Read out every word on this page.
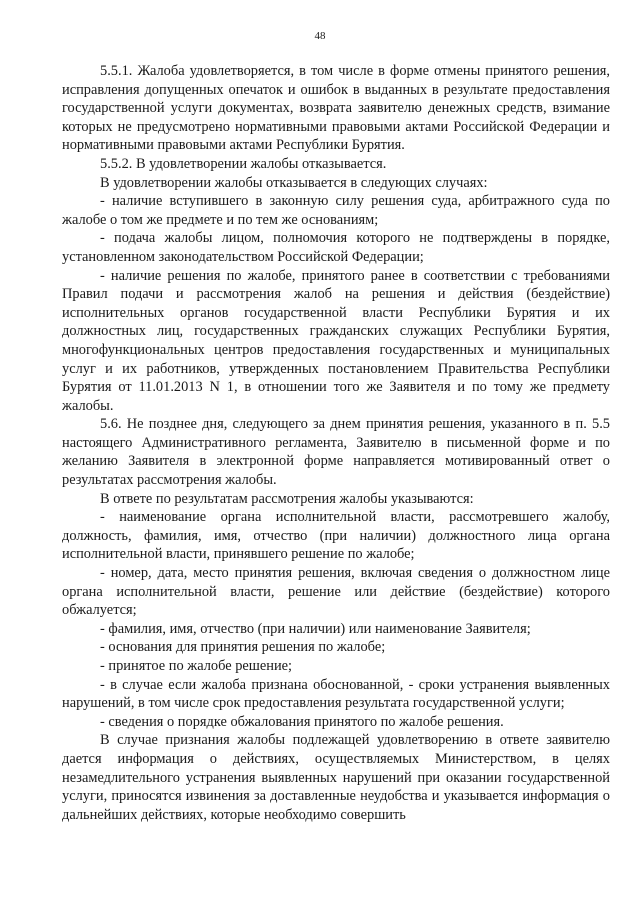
48

5.5.1. Жалоба удовлетворяется, в том числе в форме отмены принятого решения, исправления допущенных опечаток и ошибок в выданных в результате предоставления государственной услуги документах, возврата заявителю денежных средств, взимание которых не предусмотрено нормативными правовыми актами Российской Федерации и нормативными правовыми актами Республики Бурятия.

5.5.2. В удовлетворении жалобы отказывается.

В удовлетворении жалобы отказывается в следующих случаях:

- наличие вступившего в законную силу решения суда, арбитражного суда по жалобе о том же предмете и по тем же основаниям;

- подача жалобы лицом, полномочия которого не подтверждены в порядке, установленном законодательством Российской Федерации;

- наличие решения по жалобе, принятого ранее в соответствии с требованиями Правил подачи и рассмотрения жалоб на решения и действия (бездействие) исполнительных органов государственной власти Республики Бурятия и их должностных лиц, государственных гражданских служащих Республики Бурятия, многофункциональных центров предоставления государственных и муниципальных услуг и их работников, утвержденных постановлением Правительства Республики Бурятия от 11.01.2013 N 1, в отношении того же Заявителя и по тому же предмету жалобы.

5.6. Не позднее дня, следующего за днем принятия решения, указанного в п. 5.5 настоящего Административного регламента, Заявителю в письменной форме и по желанию Заявителя в электронной форме направляется мотивированный ответ о результатах рассмотрения жалобы.

В ответе по результатам рассмотрения жалобы указываются:

- наименование органа исполнительной власти, рассмотревшего жалобу, должность, фамилия, имя, отчество (при наличии) должностного лица органа исполнительной власти, принявшего решение по жалобе;

- номер, дата, место принятия решения, включая сведения о должностном лице органа исполнительной власти, решение или действие (бездействие) которого обжалуется;

- фамилия, имя, отчество (при наличии) или наименование Заявителя;

- основания для принятия решения по жалобе;

- принятое по жалобе решение;

- в случае если жалоба признана обоснованной, - сроки устранения выявленных нарушений, в том числе срок предоставления результата государственной услуги;

- сведения о порядке обжалования принятого по жалобе решения.

В случае признания жалобы подлежащей удовлетворению в ответе заявителю дается информация о действиях, осуществляемых Министерством, в целях незамедлительного устранения выявленных нарушений при оказании государственной услуги, приносятся извинения за доставленные неудобства и указывается информация о дальнейших действиях, которые необходимо совершить
